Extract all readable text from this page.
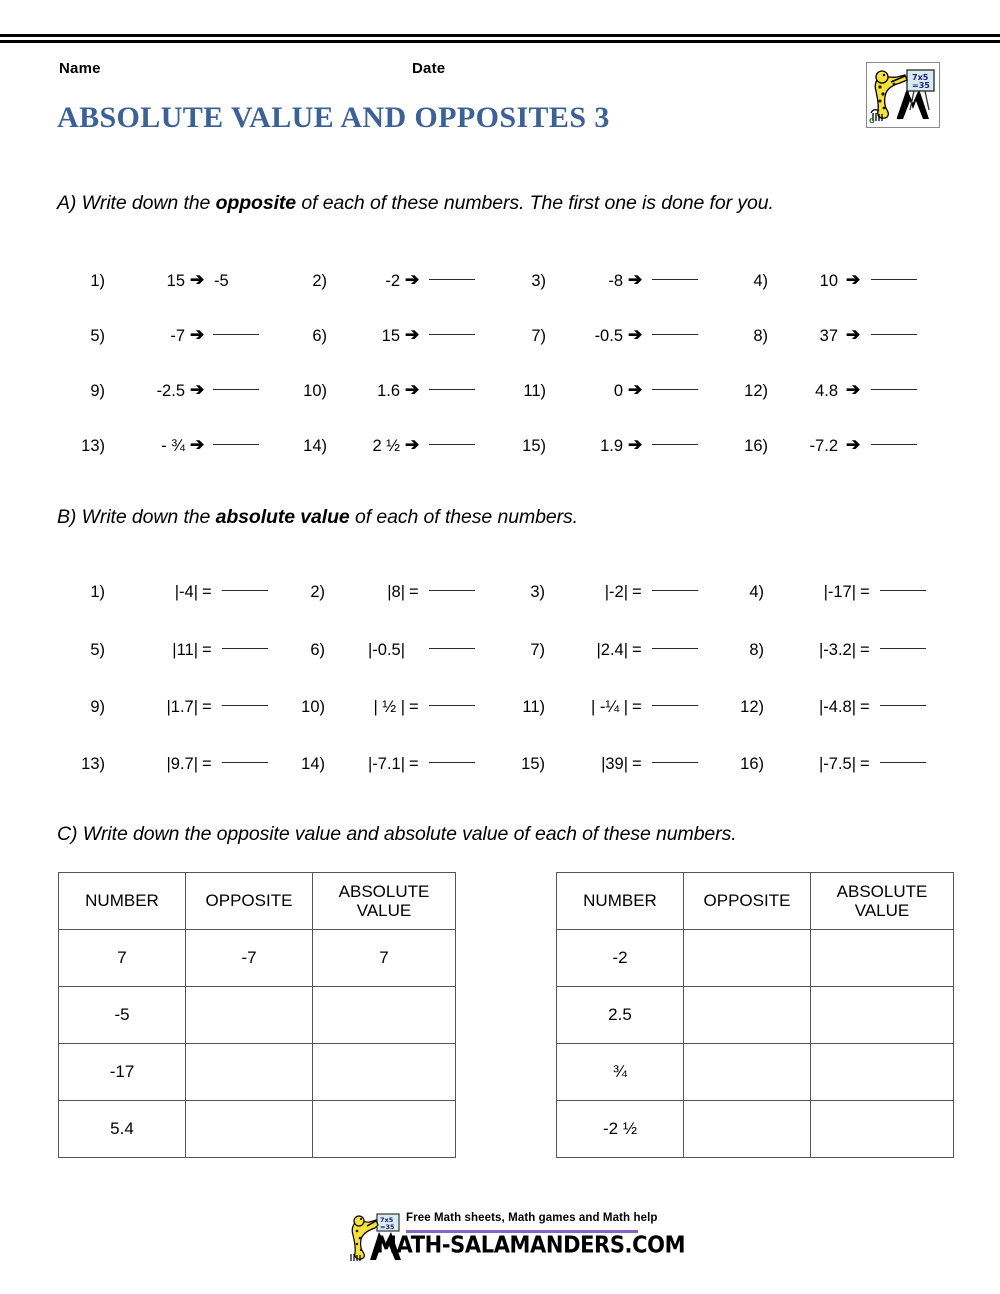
Name	Date
ABSOLUTE VALUE AND OPPOSITES 3
7x5
=35
G
A) Write down the opposite of each of these numbers. The first one is done for you.
1)	15 ➔ -5	2)	-2 ➔	3)	-8 ➔	4)	10 ➔
5)	-7 ➔	6)	15 ➔	7)	-0.5 ➔	8)	37 ➔
9)	-2.5 ➔	10)	1.6 ➔	11)	0 ➔	12)	4.8 ➔
13)	- ¾ ➔	14)	2 ½ ➔	15)	1.9 ➔	16)	-7.2 ➔
B) Write down the absolute value of each of these numbers.
1)	|-4| =	2)	|8| =	3)	|-2| =	4)	|-17| =
5)	|11| =	6)	|-0.5|	7)	|2.4| =	8)	|-3.2| =
9)	|1.7| =	10)	| ½ | =	11)	| -¼ | =	12)	|-4.8| =
13)	|9.7| =	14)	|-7.1| =	15)	|39| =	16)	|-7.5| =
C) Write down the opposite value and absolute value of each of these numbers.
NUMBER	OPPOSITE	ABSOLUTE
VALUE

7	-7	7
-5		
-17		
5.4		
NUMBER	OPPOSITE	ABSOLUTE
VALUE

-2		
2.5		
¾		
-2 ½		
7x5
=35
Free Math sheets, Math games and Math help
MATH-SALAMANDERS.COM
